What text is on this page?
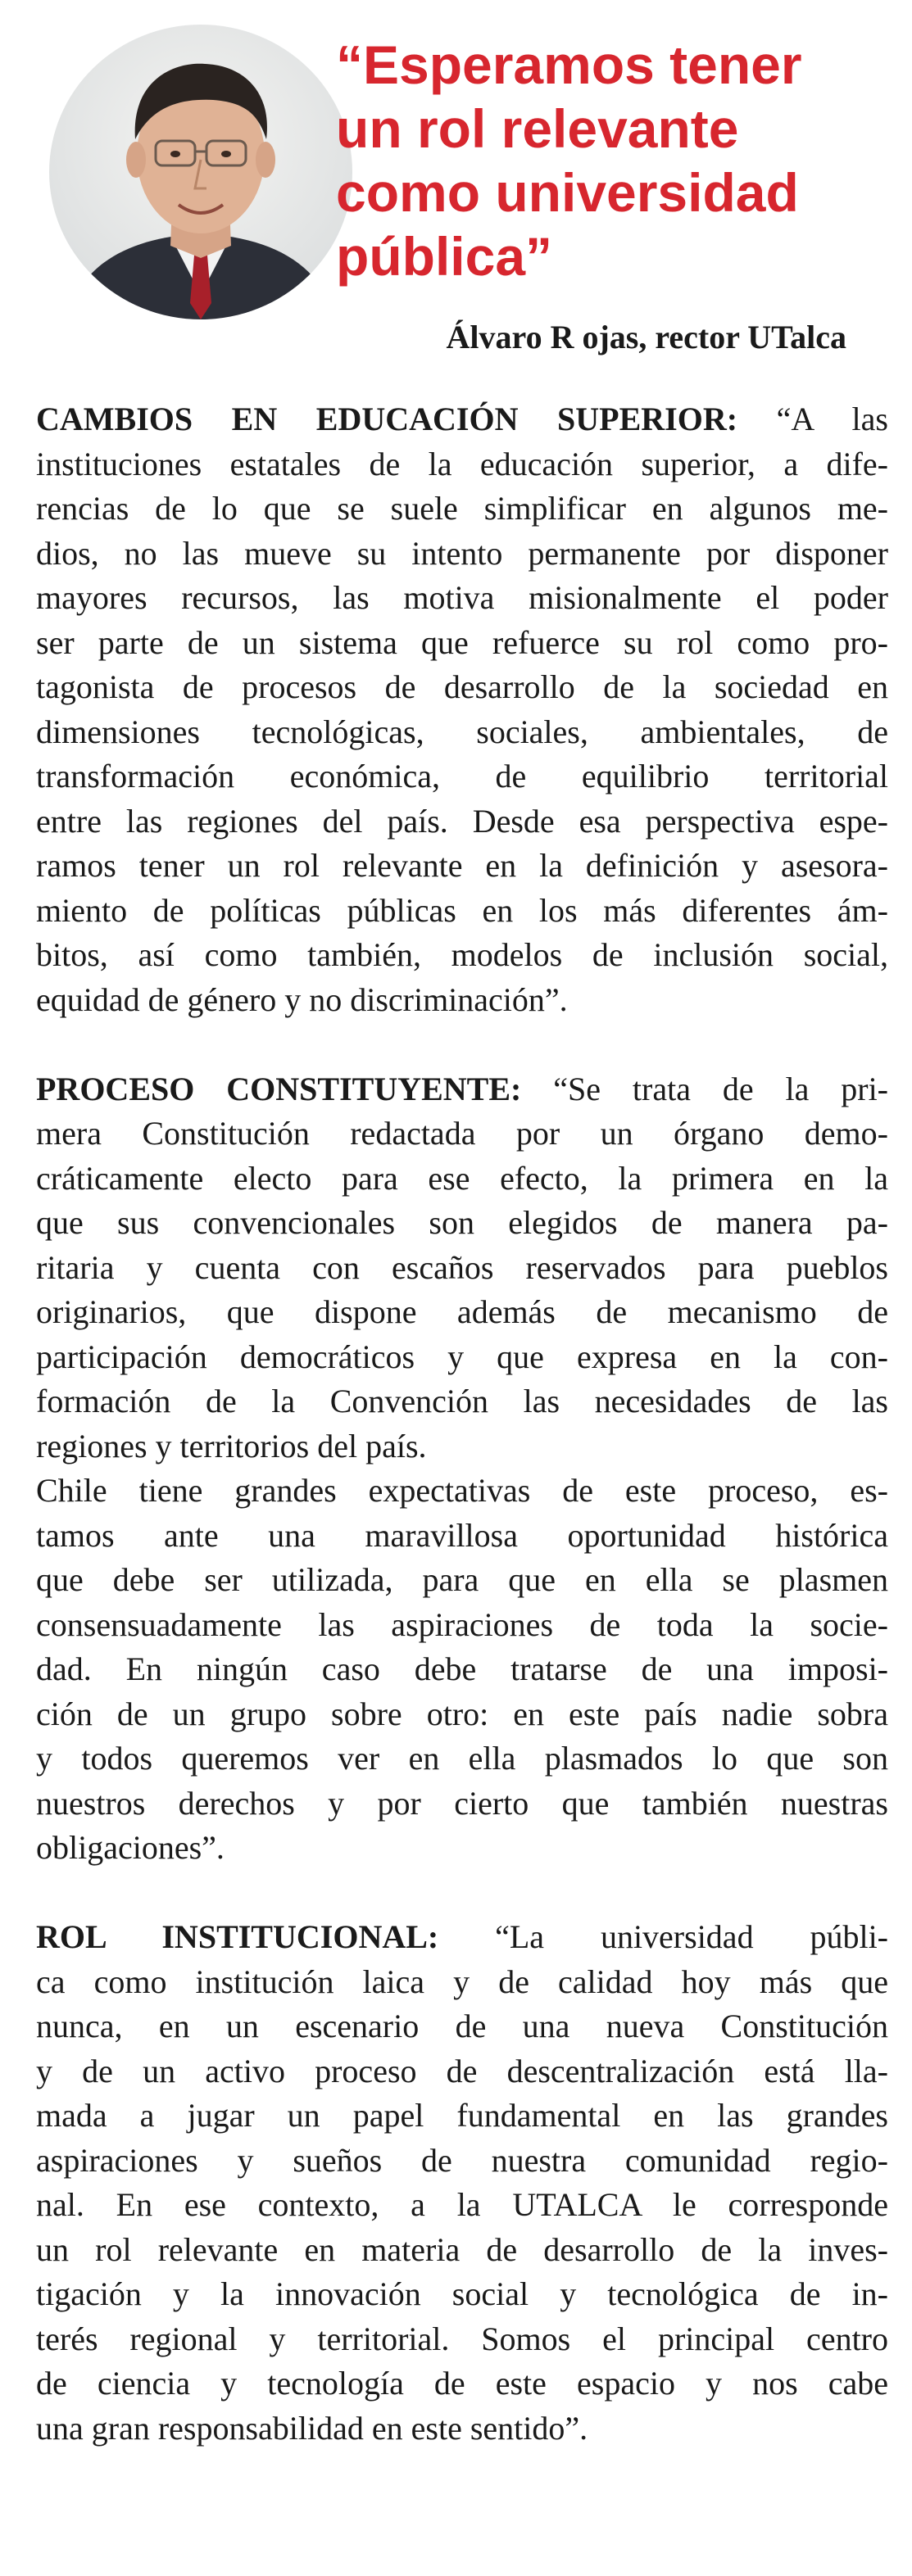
“Esperamos tener
un rol relevante
como universidad
pública”
Álvaro R ojas, rector UTalca

CAMBIOS EN EDUCACIÓN SUPERIOR: “A las
instituciones estatales de la educación superior, a dife-
rencias de lo que se suele simplificar en algunos me-
dios, no las mueve su intento permanente por disponer
mayores recursos, las motiva misionalmente el poder
ser parte de un sistema que refuerce su rol como pro-
tagonista de procesos de desarrollo de la sociedad en
dimensiones tecnológicas, sociales, ambientales, de
transformación económica, de equilibrio territorial
entre las regiones del país. Desde esa perspectiva espe-
ramos tener un rol relevante en la definición y asesora-
miento de políticas públicas en los más diferentes ám-
bitos, así como también, modelos de inclusión social,
equidad de género y no discriminación”.

PROCESO CONSTITUYENTE: “Se trata de la pri-
mera Constitución redactada por un órgano demo-
cráticamente electo para ese efecto, la primera en la
que sus convencionales son elegidos de manera pa-
ritaria y cuenta con escaños reservados para pueblos
originarios, que dispone además de mecanismo de
participación democráticos y que expresa en la con-
formación de la Convención las necesidades de las
regiones y territorios del país.

Chile tiene grandes expectativas de este proceso, es-
tamos ante una maravillosa oportunidad histórica
que debe ser utilizada, para que en ella se plasmen
consensuadamente las aspiraciones de toda la socie-
dad. En ningún caso debe tratarse de una imposi-
ción de un grupo sobre otro: en este país nadie sobra
y todos queremos ver en ella plasmados lo que son
nuestros derechos y por cierto que también nuestras
obligaciones”.

ROL INSTITUCIONAL: “La universidad públi-
ca como institución laica y de calidad hoy más que
nunca, en un escenario de una nueva Constitución
y de un activo proceso de descentralización está lla-
mada a jugar un papel fundamental en las grandes
aspiraciones y sueños de nuestra comunidad regio-
nal. En ese contexto, a la UTALCA le corresponde
un rol relevante en materia de desarrollo de la inves-
tigación y la innovación social y tecnológica de in-
terés regional y territorial. Somos el principal centro
de ciencia y tecnología de este espacio y nos cabe
una gran responsabilidad en este sentido”.
